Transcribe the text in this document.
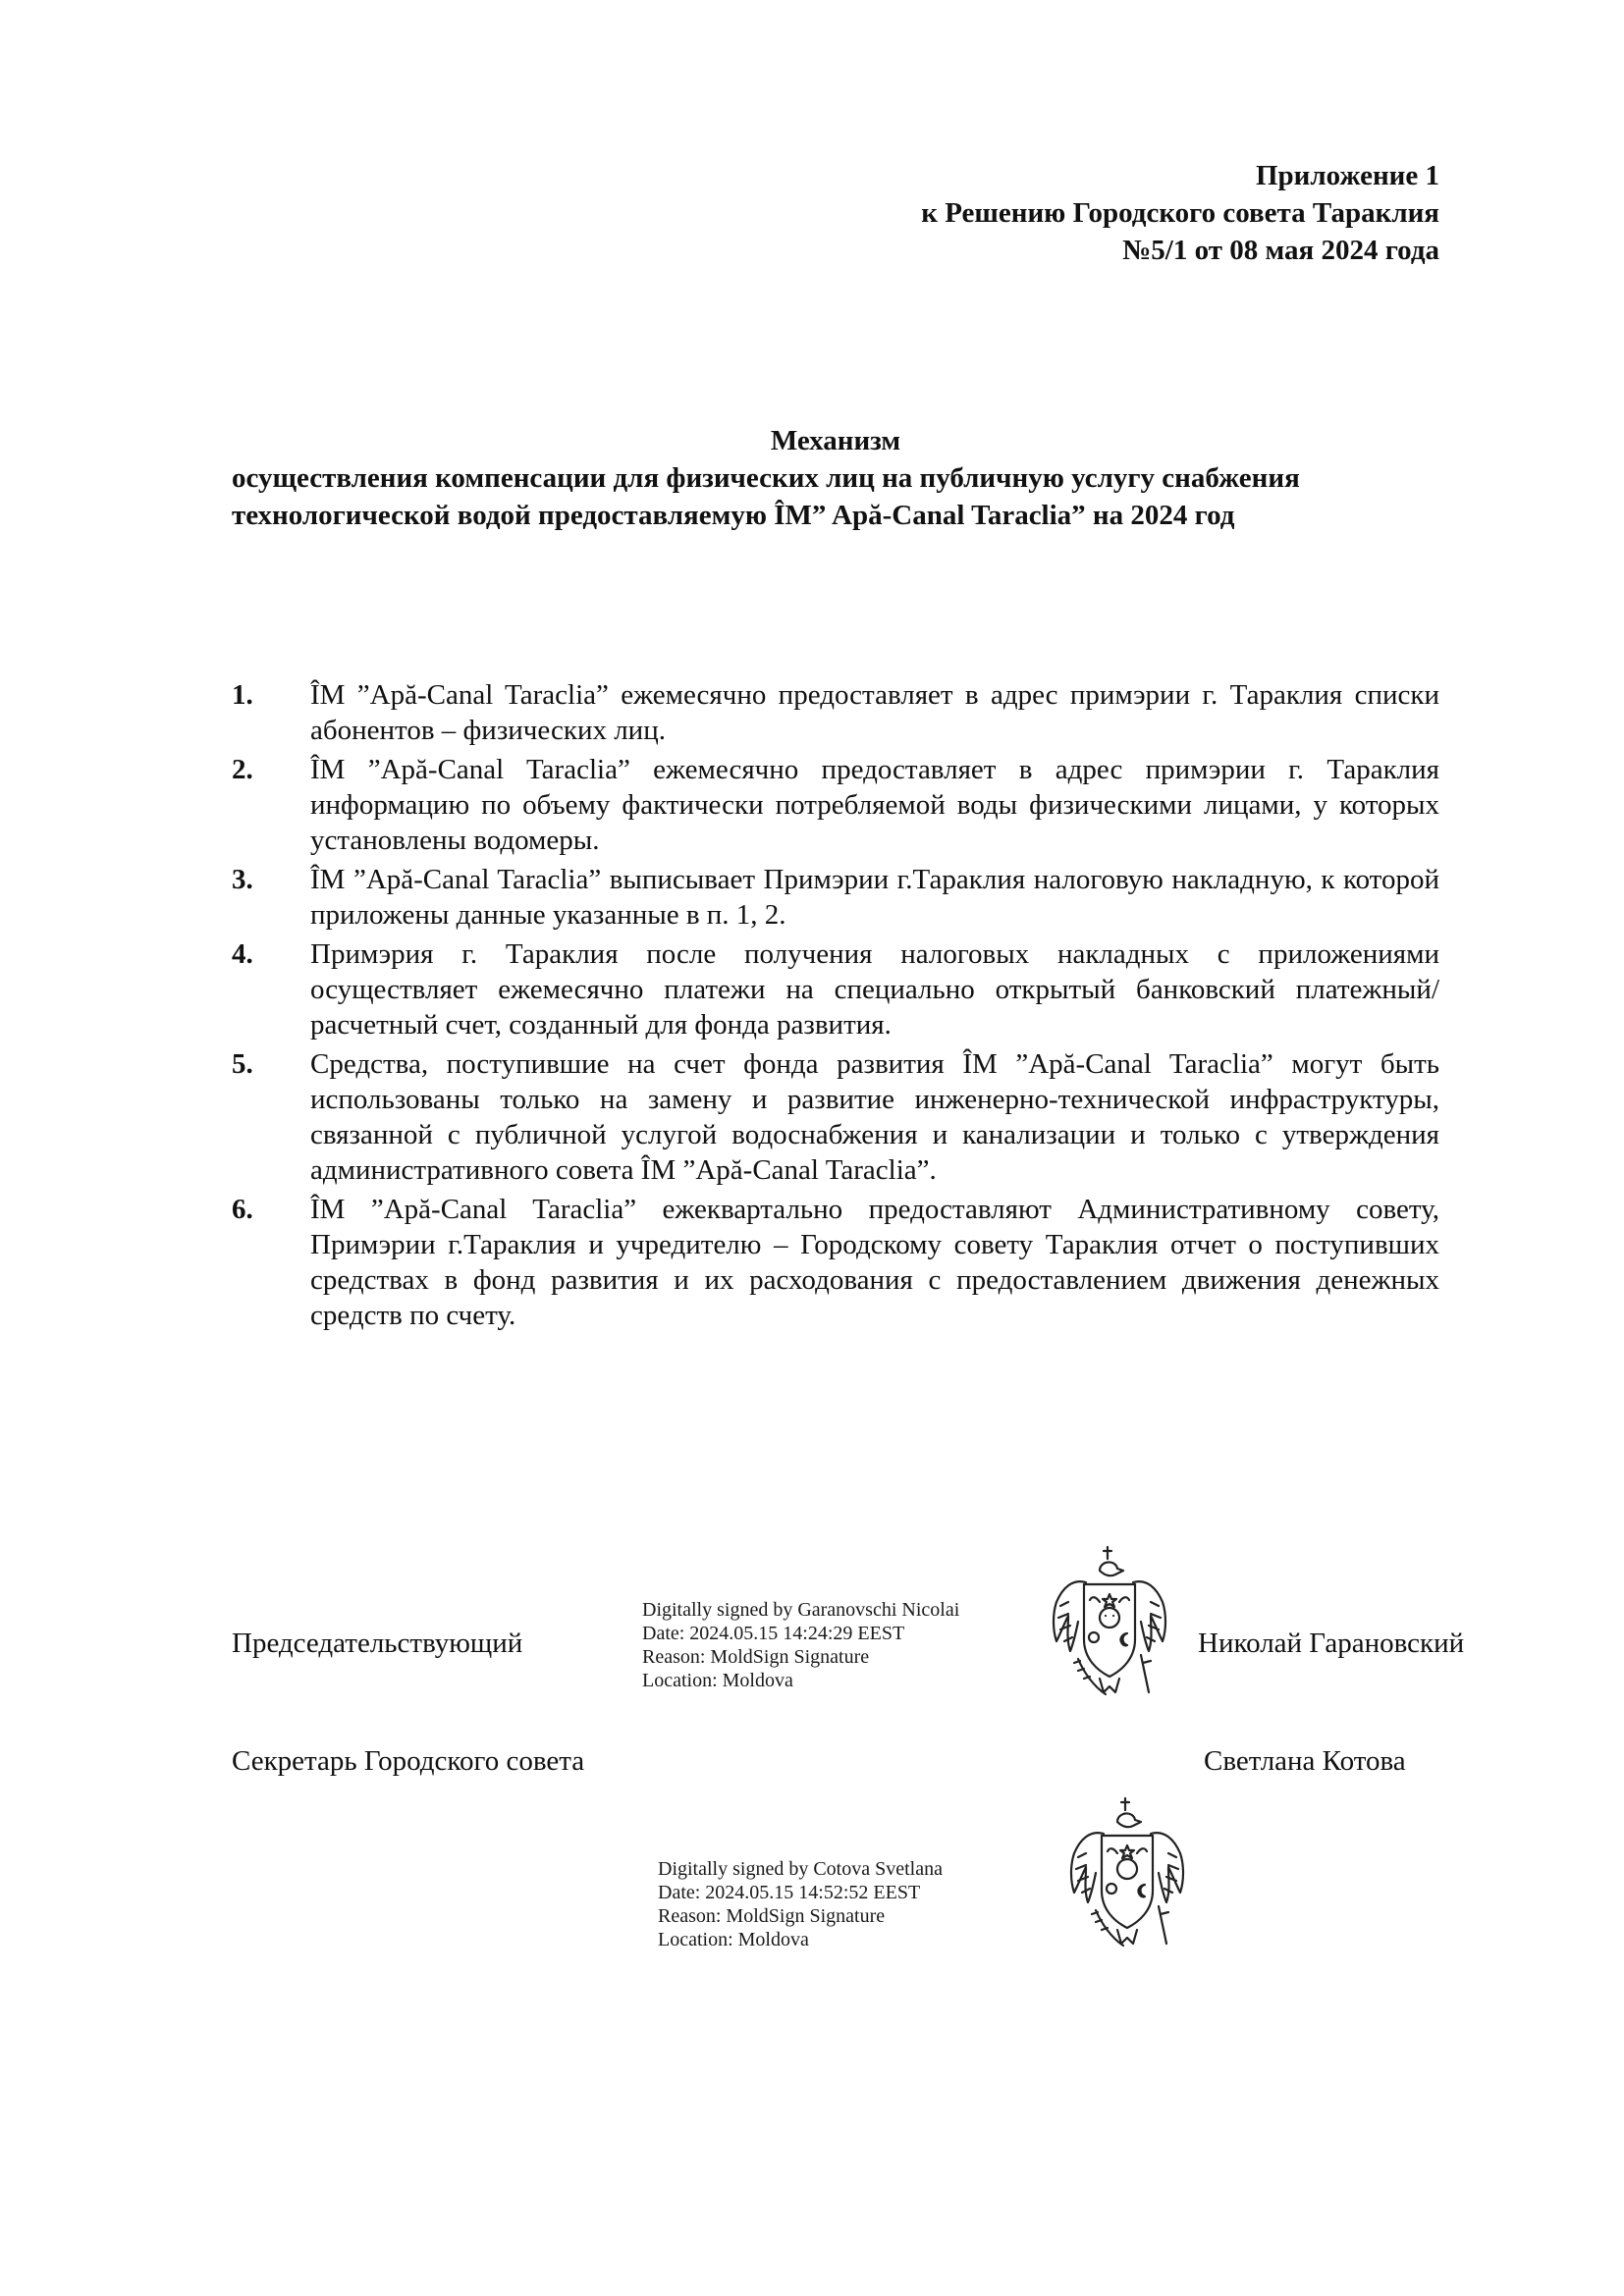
Приложение 1
к Решению Городского совета Тараклия
№5/1 от 08 мая 2024 года
Механизм
осуществления компенсации для физических лиц на публичную услугу снабжения
технологической водой предоставляемую ÎM” Apă-Canal Taraclia” на 2024 год
1. ÎM ”Apă-Canal Taraclia” ежемесячно предоставляет в адрес примэрии г. Тараклия списки абонентов – физических лиц.
2. ÎM ”Apă-Canal Taraclia” ежемесячно предоставляет в адрес примэрии г. Тараклия информацию по объему фактически потребляемой воды физическими лицами, у которых установлены водомеры.
3. ÎM ”Apă-Canal Taraclia” выписывает Примэрии г.Тараклия налоговую накладную, к которой приложены данные указанные в п. 1, 2.
4. Примэрия г. Тараклия после получения налоговых накладных с приложениями осуществляет ежемесячно платежи на специально открытый банковский платежный/расчетный счет, созданный для фонда развития.
5. Средства, поступившие на счет фонда развития ÎM ”Apă-Canal Taraclia” могут быть использованы только на замену и развитие инженерно-технической инфраструктуры, связанной с публичной услугой водоснабжения и канализации и только с утверждения административного совета ÎM ”Apă-Canal Taraclia”.
6. ÎM ”Apă-Canal Taraclia” ежеквартально предоставляют Административному совету, Примэрии г.Тараклия и учредителю – Городскому совету Тараклия отчет о поступивших средствах в фонд развития и их расходования с предоставлением движения денежных средств по счету.
Председательствующий
Digitally signed by Garanovschi Nicolai
Date: 2024.05.15 14:24:29 EEST
Reason: MoldSign Signature
Location: Moldova
Николай Гарановский
Секретарь Городского совета	Светлана Котова
Digitally signed by Cotova Svetlana
Date: 2024.05.15 14:52:52 EEST
Reason: MoldSign Signature
Location: Moldova
